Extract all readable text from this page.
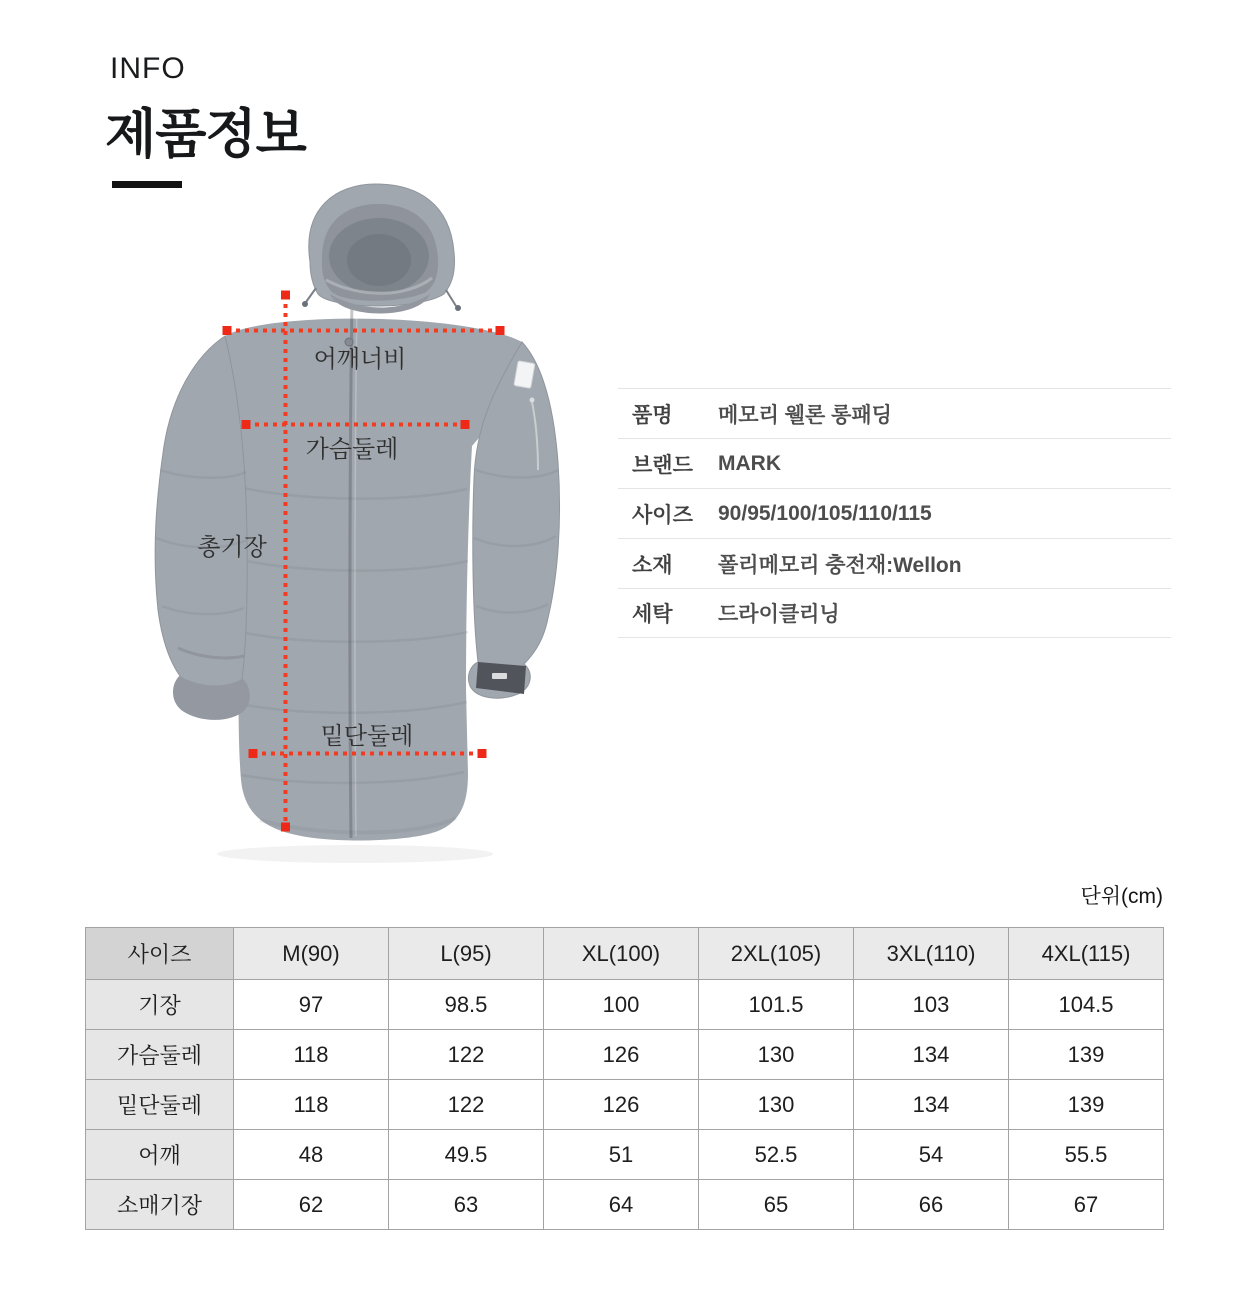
INFO
제품정보
어깨너비
가슴둘레
총기장
밑단둘레
품명	메모리 웰론 롱패딩
브랜드	MARK
사이즈	90/95/100/105/110/115
소재	폴리메모리 충전재:Wellon
세탁	드라이클리닝
단위(cm)
사이즈	M(90)	L(95)	XL(100)	2XL(105)	3XL(110)	4XL(115)
기장	97	98.5	100	101.5	103	104.5
가슴둘레	118	122	126	130	134	139
밑단둘레	118	122	126	130	134	139
어깨	48	49.5	51	52.5	54	55.5
소매기장	62	63	64	65	66	67
